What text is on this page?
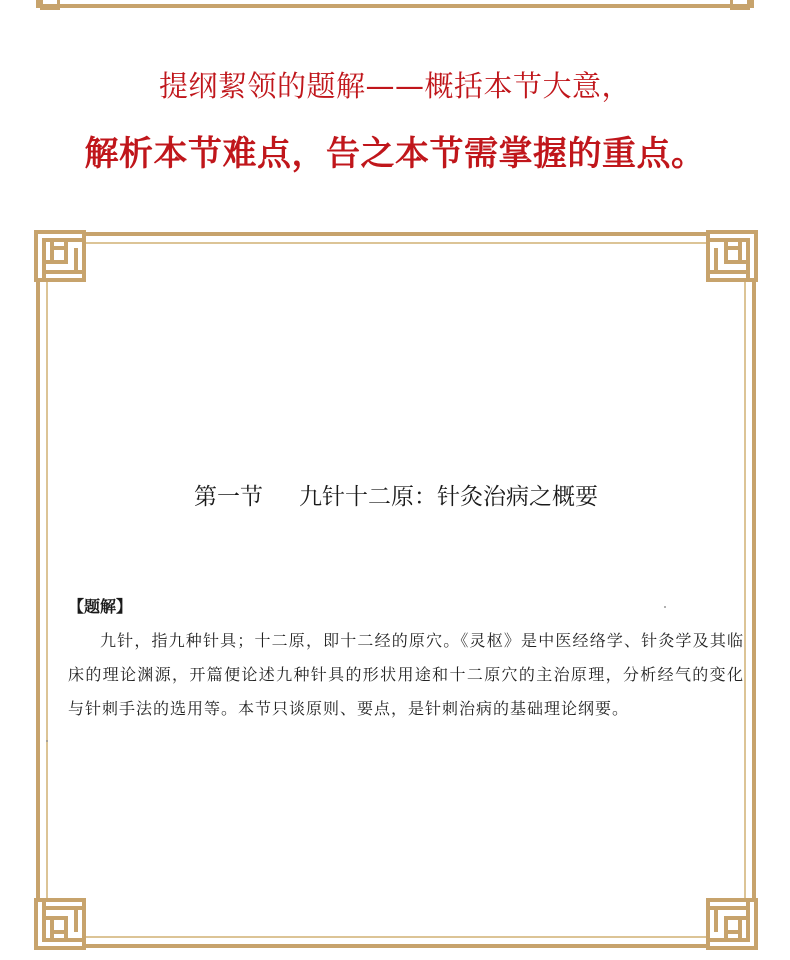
提纲絜领的题解——概括本节大意，
解析本节难点，告之本节需掌握的重点。
第一节 九针十二原：针灸治病之概要
【题解】
九针，指九种针具；十二原，即十二经的原穴。《灵枢》是中医经络学、针灸学及其临床的理论渊源，开篇便论述九种针具的形状用途和十二原穴的主治原理，分析经气的变化与针刺手法的选用等。本节只谈原则、要点，是针刺治病的基础理论纲要。
